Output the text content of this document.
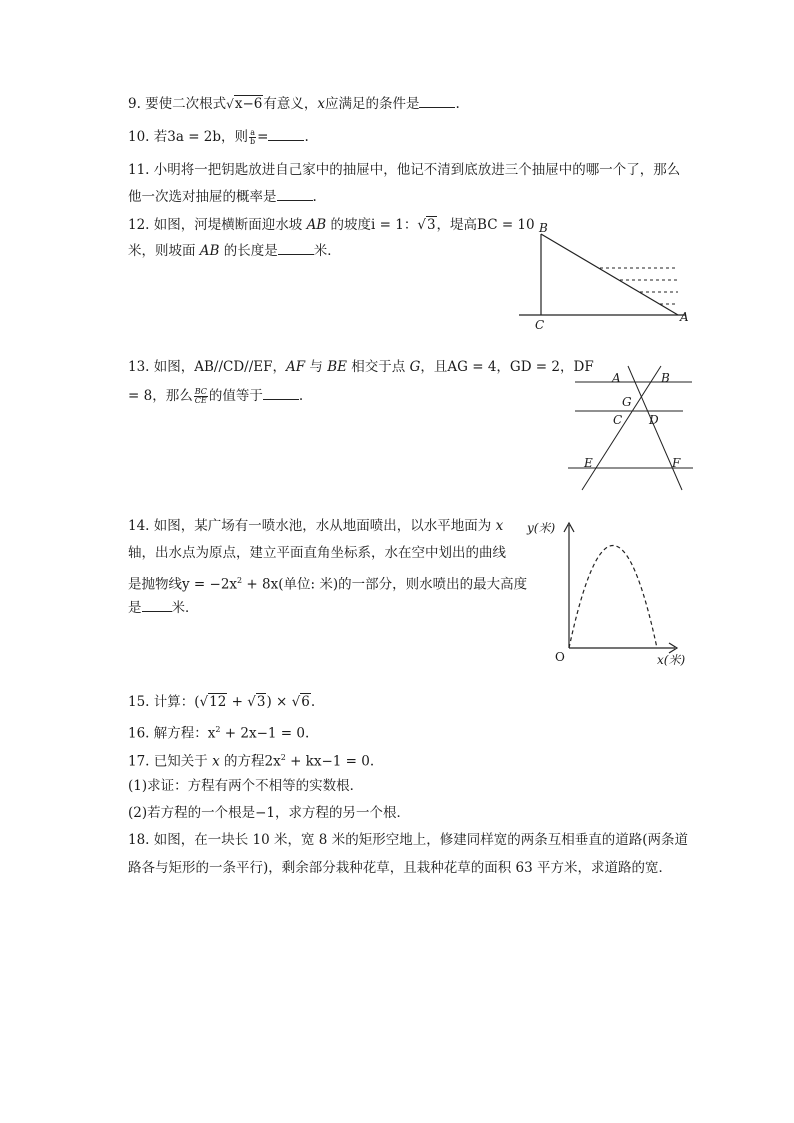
9. 要使二次根式√x−6有意义，x应满足的条件是	.
10. 若3a = 2b，则 $\frac{a}{b}$ =	.
11. 小明将一把钥匙放进自己家中的抽屉中，他记不清到底放进三个抽屉中的哪一个了，那么
他一次选对抽屉的概率是	.
12. 如图，河堤横断面迎水坡 AB 的坡度i = 1：√3，堤高BC = 10
米，则坡面 AB 的长度是	米．
B
C
A
13. 如图，AB//CD//EF，AF 与 BE 相交于点 G，且AG = 4，GD = 2，DF
= 8，那么 $\frac{BC}{CE}$ 的值等于	.
A	B
G
C D
E	F
14. 如图，某广场有一喷水池，水从地面喷出，以水平地面为 x
轴，出水点为原点，建立平面直角坐标系，水在空中划出的曲线
是抛物线$y = -2x^2 + 8x$(单位: 米)的一部分，则水喷出的最大高度
是 米．
y(米)
x(米)
O
15. 计算：(√12 + √3) × √6.
16. 解方程：$x^2 + 2x-1 = 0$.
17. 已知关于 x 的方程$2x^2 + kx-1 = 0$.
(1)求证：方程有两个不相等的实数根．
(2)若方程的一个根是−1，求方程的另一个根．
18. 如图，在一块长 10 米，宽 8 米的矩形空地上，修建同样宽的两条互相垂直的道路(两条道
路各与矩形的一条平行)，剩余部分栽种花草，且栽种花草的面积 63 平方米，求道路的宽．
